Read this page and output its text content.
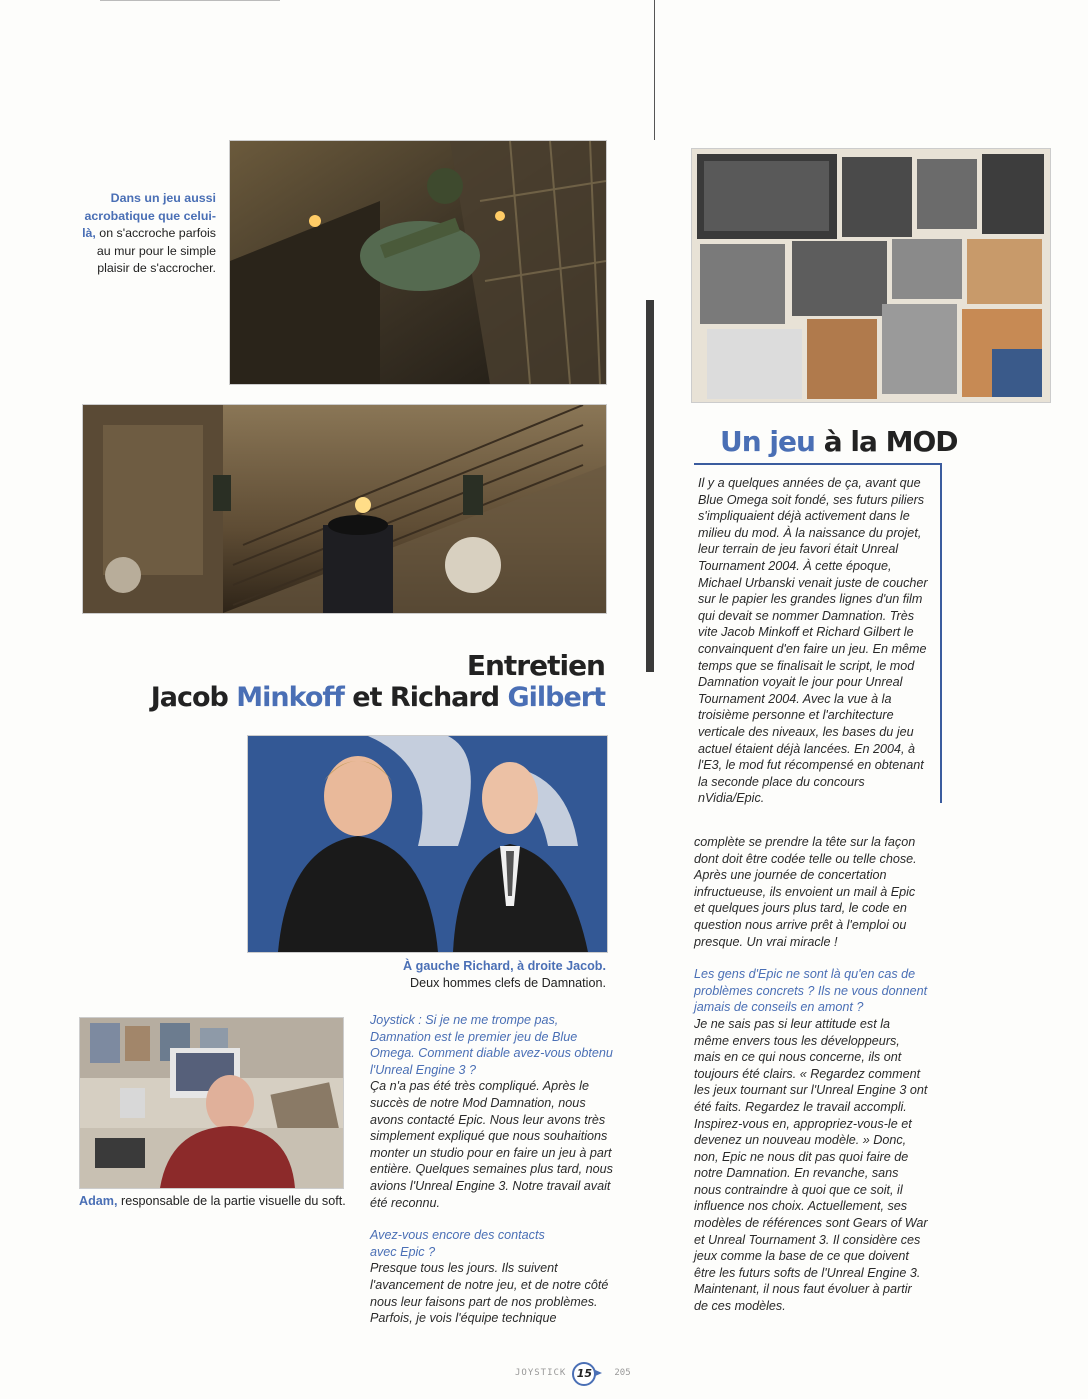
Dans un jeu aussi acrobatique que celui-là, on s'accroche parfois au mur pour le simple plaisir de s'accrocher.
Entretien
Jacob Minkoff et Richard Gilbert
À gauche Richard, à droite Jacob.
Deux hommes clefs de Damnation.
Adam, responsable de la partie visuelle du soft.
Joystick : Si je ne me trompe pas, Damnation est le premier jeu de Blue Omega. Comment diable avez-vous obtenu l'Unreal Engine 3 ?
Ça n'a pas été très compliqué. Après le succès de notre Mod Damnation, nous avons contacté Epic. Nous leur avons très simplement expliqué que nous souhaitions monter un studio pour en faire un jeu à part entière. Quelques semaines plus tard, nous avions l'Unreal Engine 3. Notre travail avait été reconnu.
Avez-vous encore des contacts avec Epic ?
Presque tous les jours. Ils suivent l'avancement de notre jeu, et de notre côté nous leur faisons part de nos problèmes. Parfois, je vois l'équipe technique
Un jeu à la MOD
Il y a quelques années de ça, avant que Blue Omega soit fondé, ses futurs piliers s'impliquaient déjà activement dans le milieu du mod. À la naissance du projet, leur terrain de jeu favori était Unreal Tournament 2004. À cette époque, Michael Urbanski venait juste de coucher sur le papier les grandes lignes d'un film qui devait se nommer Damnation. Très vite Jacob Minkoff et Richard Gilbert le convainquent d'en faire un jeu. En même temps que se finalisait le script, le mod Damnation voyait le jour pour Unreal Tournament 2004. Avec la vue à la troisième personne et l'architecture verticale des niveaux, les bases du jeu actuel étaient déjà lancées. En 2004, à l'E3, le mod fut récompensé en obtenant la seconde place du concours nVidia/Epic.
complète se prendre la tête sur la façon dont doit être codée telle ou telle chose. Après une journée de concertation infructueuse, ils envoient un mail à Epic et quelques jours plus tard, le code en question nous arrive prêt à l'emploi ou presque. Un vrai miracle !
Les gens d'Epic ne sont là qu'en cas de problèmes concrets ? Ils ne vous donnent jamais de conseils en amont ?
Je ne sais pas si leur attitude est la même envers tous les développeurs, mais en ce qui nous concerne, ils ont toujours été clairs. « Regardez comment les jeux tournant sur l'Unreal Engine 3 ont été faits. Regardez le travail accompli. Inspirez-vous en, appropriez-vous-le et devenez un nouveau modèle. » Donc, non, Epic ne nous dit pas quoi faire de notre Damnation. En revanche, sans nous contraindre à quoi que ce soit, il influence nos choix. Actuellement, ses modèles de références sont Gears of War et Unreal Tournament 3. Il considère ces jeux comme la base de ce que doivent être les futurs softs de l'Unreal Engine 3. Maintenant, il nous faut évoluer à partir de ces modèles.
JOYSTICK 15	205
